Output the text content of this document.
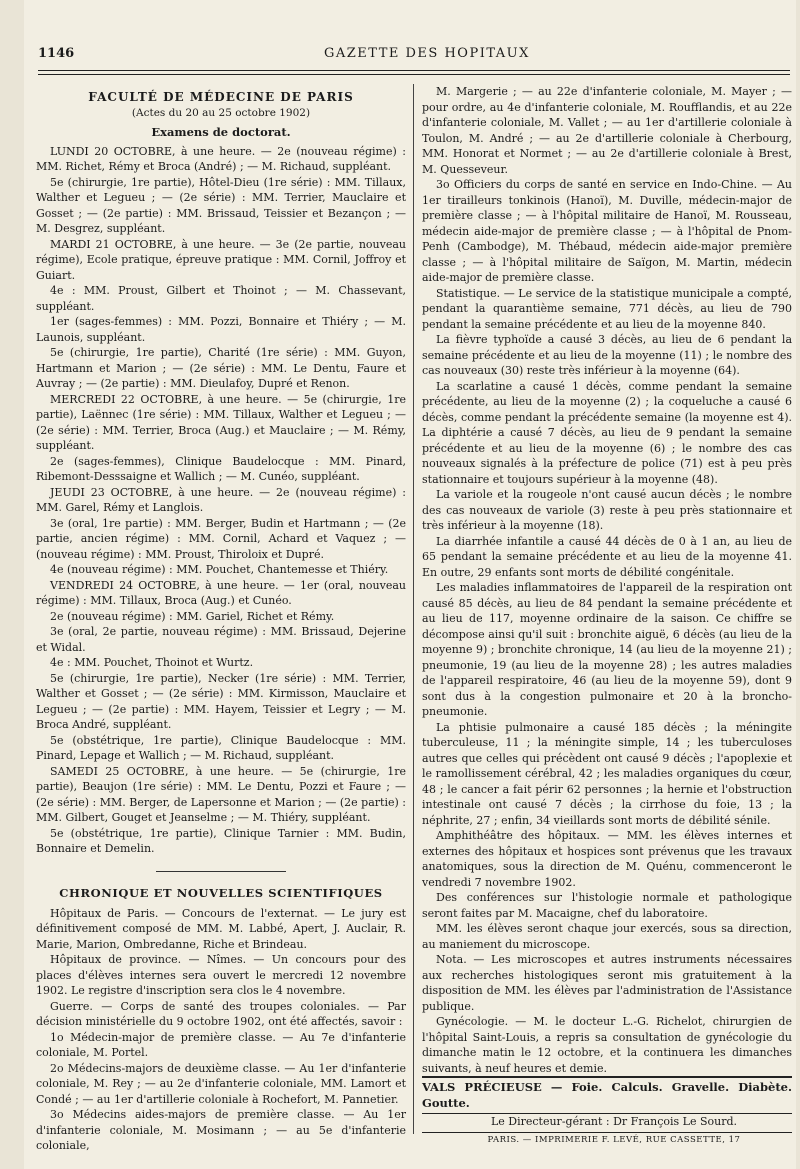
1146	GAZETTE DES HOPITAUX

FACULTÉ DE MÉDECINE DE PARIS

(Actes du 20 au 25 octobre 1902)

Examens de doctorat.

LUNDI 20 OCTOBRE, à une heure. — 2e (nouveau régime) : MM. Richet, Rémy et Broca (André) ; — M. Richaud, suppléant.

5e (chirurgie, 1re partie), Hôtel-Dieu (1re série) : MM. Tillaux, Walther et Legueu ; — (2e série) : MM. Terrier, Mauclaire et Gosset ; — (2e partie) : MM. Brissaud, Teissier et Bezançon ; — M. Desgrez, suppléant.

MARDI 21 OCTOBRE, à une heure. — 3e (2e partie, nouveau régime), Ecole pratique, épreuve pratique : MM. Cornil, Joffroy et Guiart.

4e : MM. Proust, Gilbert et Thoinot ; — M. Chassevant, suppléant.

1er (sages-femmes) : MM. Pozzi, Bonnaire et Thiéry ; — M. Launois, suppléant.

5e (chirurgie, 1re partie), Charité (1re série) : MM. Guyon, Hartmann et Marion ; — (2e série) : MM. Le Dentu, Faure et Auvray ; — (2e partie) : MM. Dieulafoy, Dupré et Renon.

MERCREDI 22 OCTOBRE, à une heure. — 5e (chirurgie, 1re partie), Laënnec (1re série) : MM. Tillaux, Walther et Legueu ; — (2e série) : MM. Terrier, Broca (Aug.) et Mauclaire ; — M. Rémy, suppléant.

2e (sages-femmes), Clinique Baudelocque : MM. Pinard, Ribemont-Desssaigne et Wallich ; — M. Cunéo, suppléant.

JEUDI 23 OCTOBRE, à une heure. — 2e (nouveau régime) : MM. Garel, Rémy et Langlois.

3e (oral, 1re partie) : MM. Berger, Budin et Hartmann ; — (2e partie, ancien régime) : MM. Cornil, Achard et Vaquez ; — (nouveau régime) : MM. Proust, Thiroloix et Dupré.

4e (nouveau régime) : MM. Pouchet, Chantemesse et Thiéry.

VENDREDI 24 OCTOBRE, à une heure. — 1er (oral, nouveau régime) : MM. Tillaux, Broca (Aug.) et Cunéo.

2e (nouveau régime) : MM. Gariel, Richet et Rémy.

3e (oral, 2e partie, nouveau régime) : MM. Brissaud, Dejerine et Widal.

4e : MM. Pouchet, Thoinot et Wurtz.

5e (chirurgie, 1re partie), Necker (1re série) : MM. Terrier, Walther et Gosset ; — (2e série) : MM. Kirmisson, Mauclaire et Legueu ; — (2e partie) : MM. Hayem, Teissier et Legry ; — M. Broca André, suppléant.

5e (obstétrique, 1re partie), Clinique Baudelocque : MM. Pinard, Lepage et Wallich ; — M. Richaud, suppléant.

SAMEDI 25 OCTOBRE, à une heure. — 5e (chirurgie, 1re partie), Beaujon (1re série) : MM. Le Dentu, Pozzi et Faure ; — (2e série) : MM. Berger, de Lapersonne et Marion ; — (2e partie) : MM. Gilbert, Gouget et Jeanselme ; — M. Thiéry, suppléant.

5e (obstétrique, 1re partie), Clinique Tarnier : MM. Budin, Bonnaire et Demelin.

CHRONIQUE ET NOUVELLES SCIENTIFIQUES

Hôpitaux de Paris. — Concours de l'externat. — Le jury est définitivement composé de MM. M. Labbé, Apert, J. Auclair, R. Marie, Marion, Ombredanne, Riche et Brindeau.

Hôpitaux de province. — Nîmes. — Un concours pour des places d'élèves internes sera ouvert le mercredi 12 novembre 1902. Le registre d'inscription sera clos le 4 novembre.

Guerre. — Corps de santé des troupes coloniales. — Par décision ministérielle du 9 octobre 1902, ont été affectés, savoir :

1o Médecin-major de première classe. — Au 7e d'infanterie coloniale, M. Portel.

2o Médecins-majors de deuxième classe. — Au 1er d'infanterie coloniale, M. Rey ; — au 2e d'infanterie coloniale, MM. Lamort et Condé ; — au 1er d'artillerie coloniale à Rochefort, M. Pannetier.

3o Médecins aides-majors de première classe. — Au 1er d'infanterie coloniale, M. Mosimann ; — au 5e d'infanterie coloniale,

M. Margerie ; — au 22e d'infanterie coloniale, M. Mayer ; — pour ordre, au 4e d'infanterie coloniale, M. Roufflandis, et au 22e d'infanterie coloniale, M. Vallet ; — au 1er d'artillerie coloniale à Toulon, M. André ; — au 2e d'artillerie coloniale à Cherbourg, MM. Honorat et Normet ; — au 2e d'artillerie coloniale à Brest, M. Quesseveur.

3o Officiers du corps de santé en service en Indo-Chine. — Au 1er tirailleurs tonkinois (Hanoï), M. Duville, médecin-major de première classe ; — à l'hôpital militaire de Hanoï, M. Rousseau, médecin aide-major de première classe ; — à l'hôpital de Pnom-Penh (Cambodge), M. Thébaud, médecin aide-major première classe ; — à l'hôpital militaire de Saïgon, M. Martin, médecin aide-major de première classe.

Statistique. — Le service de la statistique municipale a compté, pendant la quarantième semaine, 771 décès, au lieu de 790 pendant la semaine précédente et au lieu de la moyenne 840.

La fièvre typhoïde a causé 3 décès, au lieu de 6 pendant la semaine précédente et au lieu de la moyenne (11) ; le nombre des cas nouveaux (30) reste très inférieur à la moyenne (64).

La scarlatine a causé 1 décès, comme pendant la semaine précédente, au lieu de la moyenne (2) ; la coqueluche a causé 6 décès, comme pendant la précédente semaine (la moyenne est 4). La diphtérie a causé 7 décès, au lieu de 9 pendant la semaine précédente et au lieu de la moyenne (6) ; le nombre des cas nouveaux signalés à la préfecture de police (71) est à peu près stationnaire et toujours supérieur à la moyenne (48).

La variole et la rougeole n'ont causé aucun décès ; le nombre des cas nouveaux de variole (3) reste à peu près stationnaire et très inférieur à la moyenne (18).

La diarrhée infantile a causé 44 décès de 0 à 1 an, au lieu de 65 pendant la semaine précédente et au lieu de la moyenne 41. En outre, 29 enfants sont morts de débilité congénitale.

Les maladies inflammatoires de l'appareil de la respiration ont causé 85 décès, au lieu de 84 pendant la semaine précédente et au lieu de 117, moyenne ordinaire de la saison. Ce chiffre se décompose ainsi qu'il suit : bronchite aiguë, 6 décès (au lieu de la moyenne 9) ; bronchite chronique, 14 (au lieu de la moyenne 21) ; pneumonie, 19 (au lieu de la moyenne 28) ; les autres maladies de l'appareil respiratoire, 46 (au lieu de la moyenne 59), dont 9 sont dus à la congestion pulmonaire et 20 à la broncho-pneumonie.

La phtisie pulmonaire a causé 185 décès ; la méningite tuberculeuse, 11 ; la méningite simple, 14 ; les tuberculoses autres que celles qui précèdent ont causé 9 décès ; l'apoplexie et le ramollissement cérébral, 42 ; les maladies organiques du cœur, 48 ; le cancer a fait périr 62 personnes ; la hernie et l'obstruction intestinale ont causé 7 décès ; la cirrhose du foie, 13 ; la néphrite, 27 ; enfin, 34 vieillards sont morts de débilité sénile.

Amphithéâtre des hôpitaux. — MM. les élèves internes et externes des hôpitaux et hospices sont prévenus que les travaux anatomiques, sous la direction de M. Quénu, commenceront le vendredi 7 novembre 1902.

Des conférences sur l'histologie normale et pathologique seront faites par M. Macaigne, chef du laboratoire.

MM. les élèves seront chaque jour exercés, sous sa direction, au maniement du microscope.

Nota. — Les microscopes et autres instruments nécessaires aux recherches histologiques seront mis gratuitement à la disposition de MM. les élèves par l'administration de l'Assistance publique.

Gynécologie. — M. le docteur L.-G. Richelot, chirurgien de l'hôpital Saint-Louis, a repris sa consultation de gynécologie du dimanche matin le 12 octobre, et la continuera les dimanches suivants, à neuf heures et demie.

VALS PRÉCIEUSE — Foie. Calculs. Gravelle. Diabète. Goutte.

Le Directeur-gérant : Dr François Le Sourd.

PARIS. — IMPRIMERIE F. LEVÉ, RUE CASSETTE, 17
